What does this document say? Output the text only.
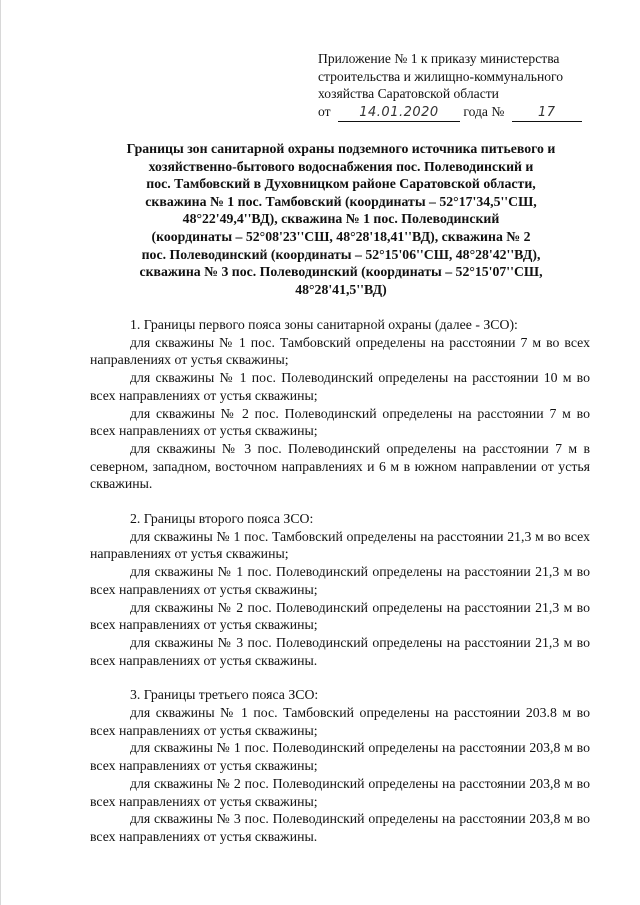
Приложение № 1 к приказу министерства
строительства и жилищно-коммунального
хозяйства Саратовской области
от 14.01.2020 года №	17
Границы зон санитарной охраны подземного источника питьевого и
хозяйственно-бытового водоснабжения пос. Полеводинский и
пос. Тамбовский в Духовницком районе Саратовской области,
скважина № 1 пос. Тамбовский (координаты – 52°17'34,5''СШ,
48°22'49,4''ВД), скважина № 1 пос. Полеводинский
(координаты – 52°08'23''СШ, 48°28'18,41''ВД), скважина № 2
пос. Полеводинский (координаты – 52°15'06''СШ, 48°28'42''ВД),
скважина № 3 пос. Полеводинский (координаты – 52°15'07''СШ,
48°28'41,5''ВД)
1. Границы первого пояса зоны санитарной охраны (далее - ЗСО):

для скважины № 1 пос. Тамбовский определены на расстоянии 7 м во всех направлениях от устья скважины;

для скважины № 1 пос. Полеводинский определены на расстоянии 10 м во всех направлениях от устья скважины;

для скважины № 2 пос. Полеводинский определены на расстоянии 7 м во всех направлениях от устья скважины;

для скважины № 3 пос. Полеводинский определены на расстоянии 7 м в северном, западном, восточном направлениях и 6 м в южном направлении от устья скважины.

2. Границы второго пояса ЗСО:

для скважины № 1 пос. Тамбовский определены на расстоянии 21,3 м во всех направлениях от устья скважины;

для скважины № 1 пос. Полеводинский определены на расстоянии 21,3 м во всех направлениях от устья скважины;

для скважины № 2 пос. Полеводинский определены на расстоянии 21,3 м во всех направлениях от устья скважины;

для скважины № 3 пос. Полеводинский определены на расстоянии 21,3 м во всех направлениях от устья скважины.

3. Границы третьего пояса ЗСО:

для скважины № 1 пос. Тамбовский определены на расстоянии 203.8 м во всех направлениях от устья скважины;

для скважины № 1 пос. Полеводинский определены на расстоянии 203,8 м во всех направлениях от устья скважины;

для скважины № 2 пос. Полеводинский определены на расстоянии 203,8 м во всех направлениях от устья скважины;

для скважины № 3 пос. Полеводинский определены на расстоянии 203,8 м во всех направлениях от устья скважины.
